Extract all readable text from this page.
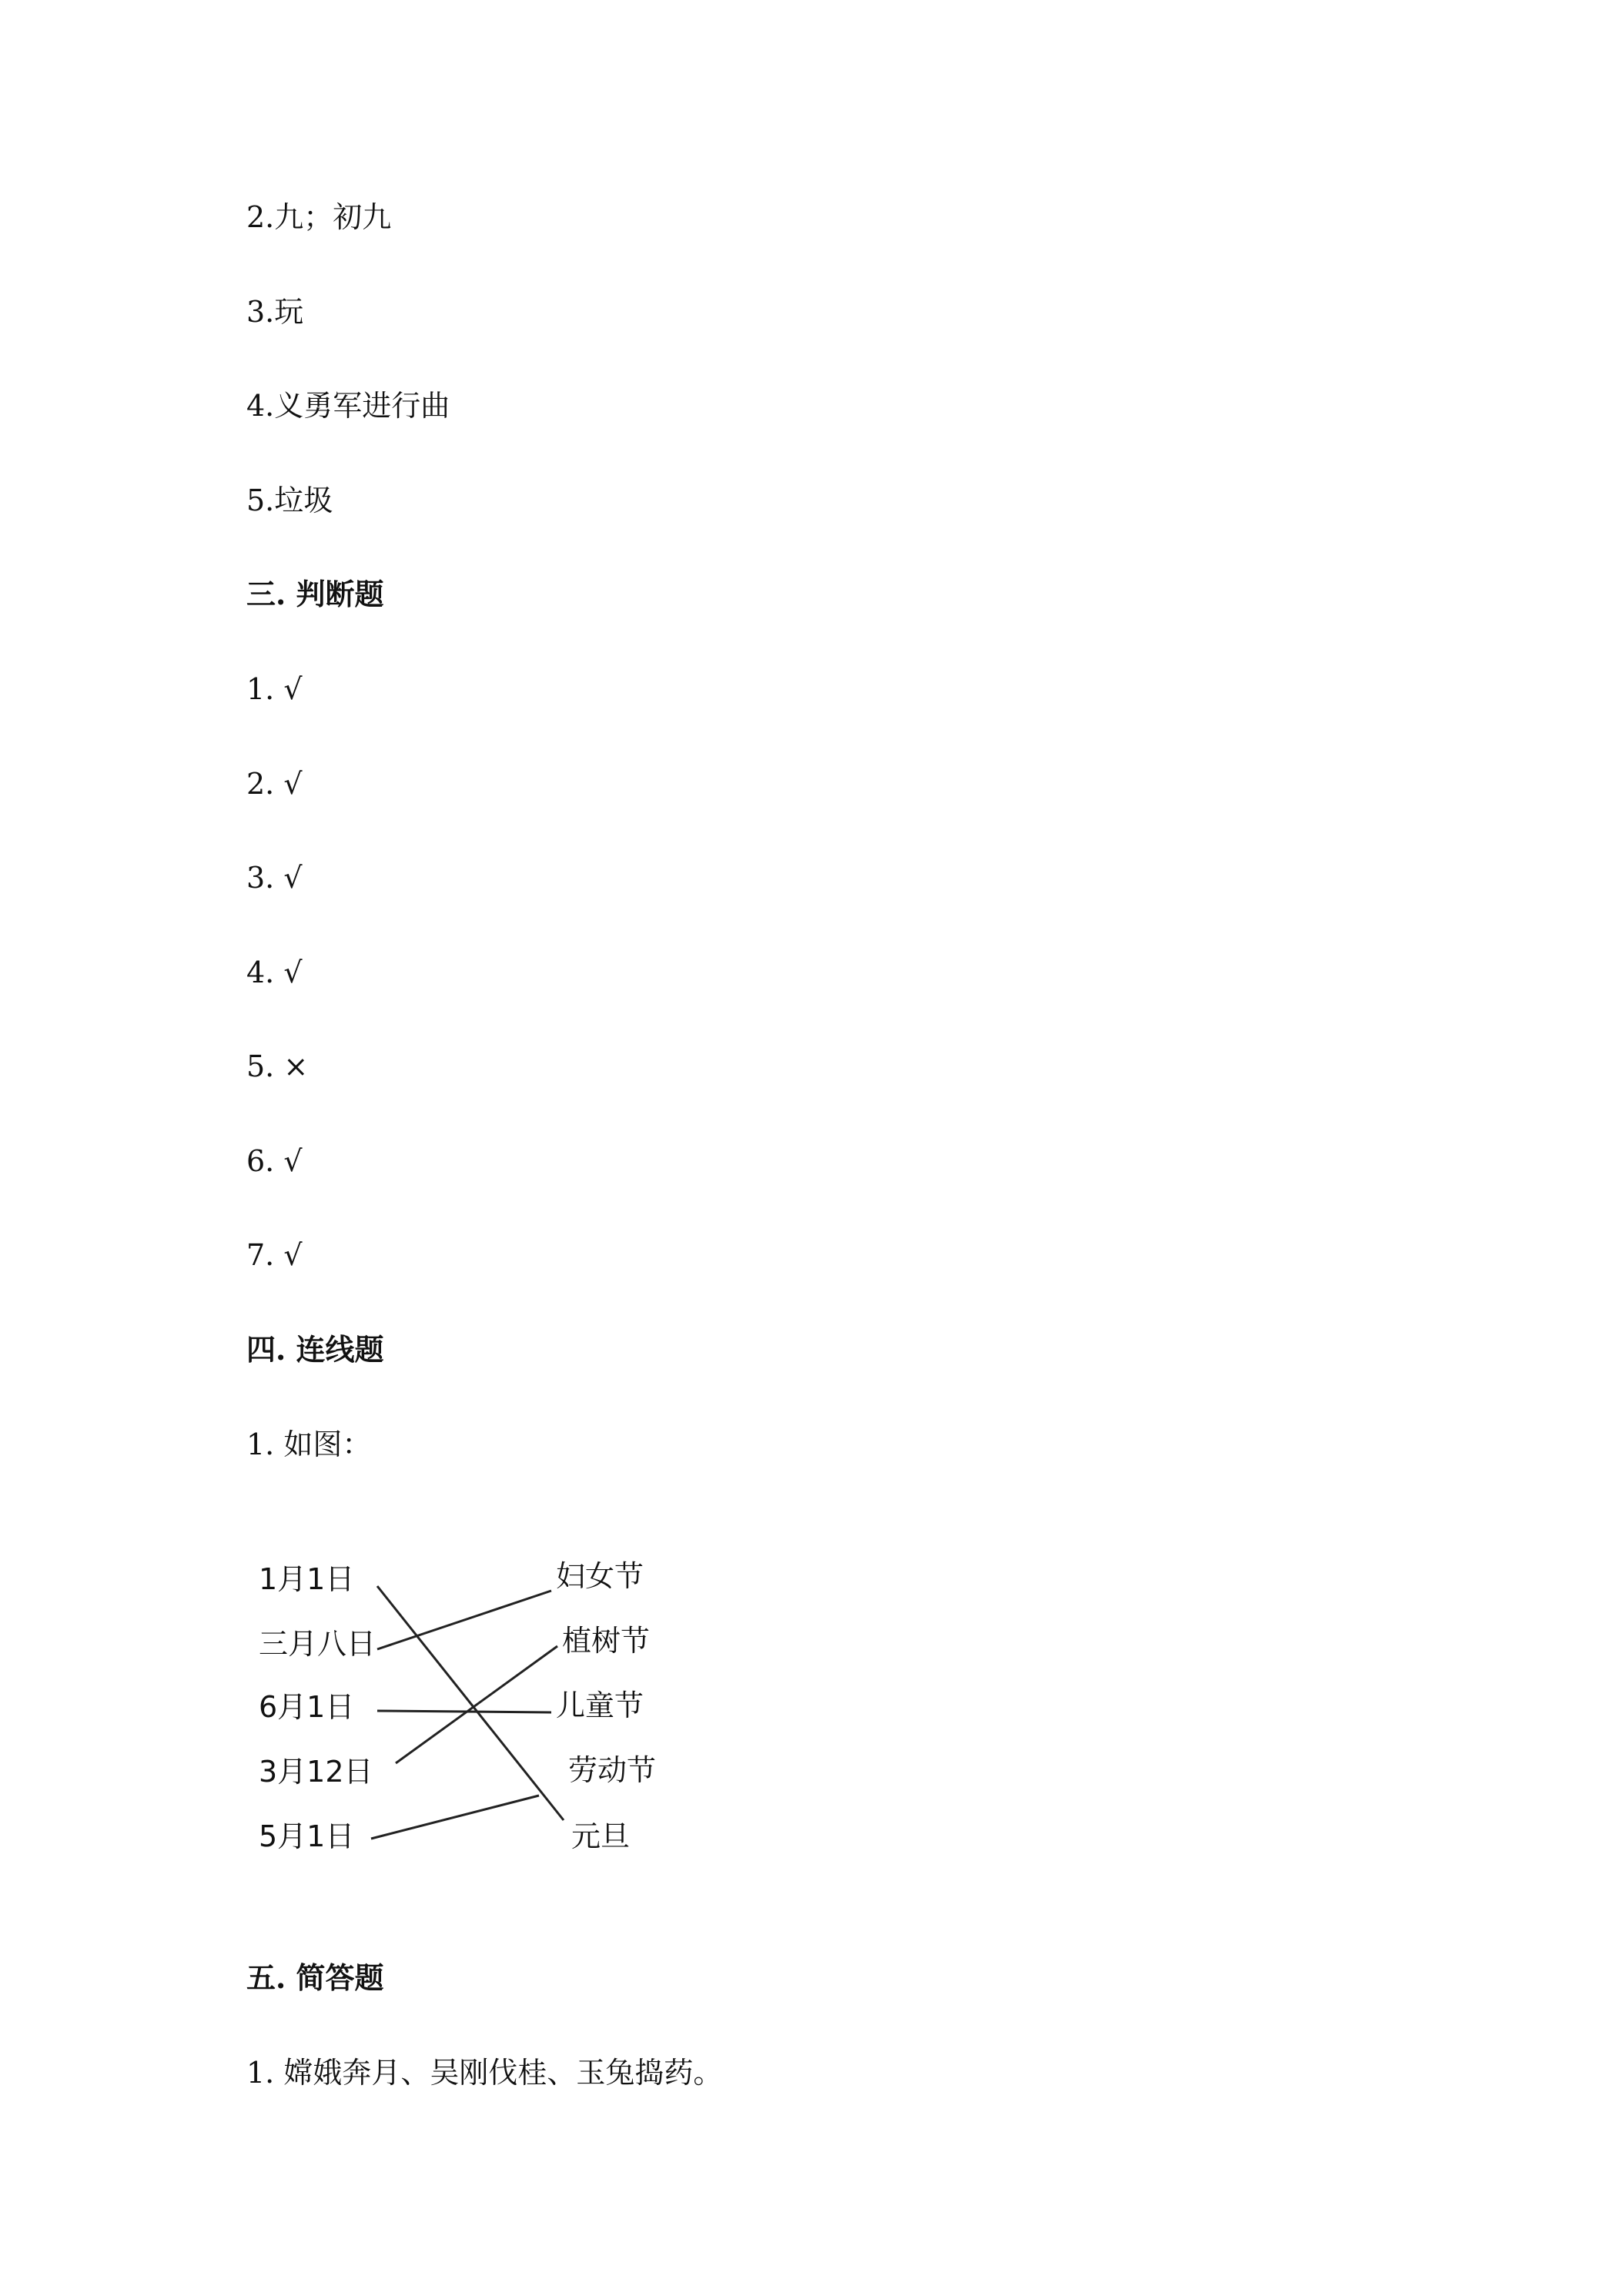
2.九；初九
3.玩
4.义勇军进行曲
5.垃圾
三. 判断题
1. √
2. √
3. √
4. √
5. ×
6. √
7. √
四. 连线题
1. 如图：
1月1日
三月八日
6月1日
3月12日
5月1日
妇女节
植树节
儿童节
劳动节
元旦
五. 简答题
1. 嫦娥奔月、吴刚伐桂、玉兔捣药。
